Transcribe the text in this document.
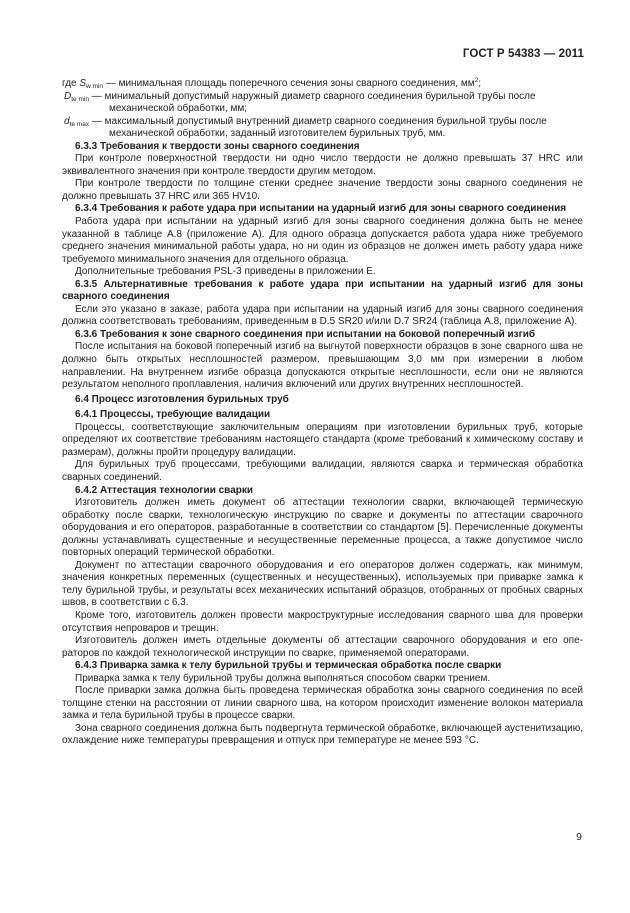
ГОСТ Р 54383 — 2011

где $S_{w min}$ — минимальная площадь поперечного сечения зоны сварного соединения, $мм^2$;

$D_{te min}$ — минимальный допустимый наружный диаметр сварного соединения бурильной трубы после

механической обработки, мм;

$d_{te max}$ — максимальный допустимый внутренний диаметр сварного соединения бурильной трубы после

механической обработки, заданный изготовителем бурильных труб, мм.

6.3.3 Требования к твердости зоны сварного соединения

При контроле поверхностной твердости ни одно число твердости не должно превышать 37 HRC или эквивалентного значения при контроле твердости другим методом.

При контроле твердости по толщине стенки среднее значение твердости зоны сварного соединения не должно превышать 37 HRC или 365 HV10.

6.3.4 Требования к работе удара при испытании на ударный изгиб для зоны сварного соединения

Работа удара при испытании на ударный изгиб для зоны сварного соединения должна быть не менее указанной в таблице А.8 (приложение А). Для одного образца допускается работа удара ниже требуемого среднего значения минимальной работы удара, но ни один из образцов не должен иметь работу удара ниже требуемого минимального значения для отдельного образца.

Дополнительные требования PSL-3 приведены в приложении Е.

6.3.5 Альтернативные требования к работе удара при испытании на ударный изгиб для зоны сварного соединения

Если это указано в заказе, работа удара при испытании на ударный изгиб для зоны сварного соединения должна соответствовать требованиям, приведенным в D.5 SR20 и/или D.7 SR24 (таблица А.8, приложение А).

6.3.6 Требования к зоне сварного соединения при испытании на боковой поперечный изгиб

После испытания на боковой поперечный изгиб на выгнутой поверхности образцов в зоне сварного шва не должно быть открытых несплошностей размером, превышающим 3,0 мм при измерении в любом направлении. На внутреннем изгибе образца допускаются открытые несплошности, если они не являются результатом неполного проплавления, наличия включений или других внутренних несплошностей.

6.4 Процесс изготовления бурильных труб

6.4.1 Процессы, требующие валидации

Процессы, соответствующие заключительным операциям при изготовлении бурильных труб, которые определяют их соответствие требованиям настоящего стандарта (кроме требований к химическому составу и размерам), должны пройти процедуру валидации.

Для бурильных труб процессами, требующими валидации, являются сварка и термическая обработка сварных соединений.

6.4.2 Аттестация технологии сварки

Изготовитель должен иметь документ об аттестации технологии сварки, включающей термическую обработку после сварки, технологическую инструкцию по сварке и документы по аттестации сварочного оборудования и его операторов, разработанные в соответствии со стандартом [5]. Перечисленные документы должны устанавливать существенные и несущественные переменные процесса, а также допустимое число повторных операций термической обработки.

Документ по аттестации сварочного оборудования и его операторов должен содержать, как минимум, значения конкретных переменных (существенных и несущественных), используемых при приварке замка к телу бурильной трубы, и результаты всех механических испытаний образцов, отобранных от пробных сварных швов, в соответствии с 6.3.

Кроме того, изготовитель должен провести макроструктурные исследования сварного шва для проверки отсутствия непроваров и трещин.

Изготовитель должен иметь отдельные документы об аттестации сварочного оборудования и его операторов по каждой технологической инструкции по сварке, применяемой операторами.

6.4.3 Приварка замка к телу бурильной трубы и термическая обработка после сварки

Приварка замка к телу бурильной трубы должна выполняться способом сварки трением.

После приварки замка должна быть проведена термическая обработка зоны сварного соединения по всей толщине стенки на расстоянии от линии сварного шва, на котором происходит изменение волокон материала замка и тела бурильной трубы в процессе сварки.

Зона сварного соединения должна быть подвергнута термической обработке, включающей аустенитизацию, охлаждение ниже температуры превращения и отпуск при температуре не менее 593 °С.

9
